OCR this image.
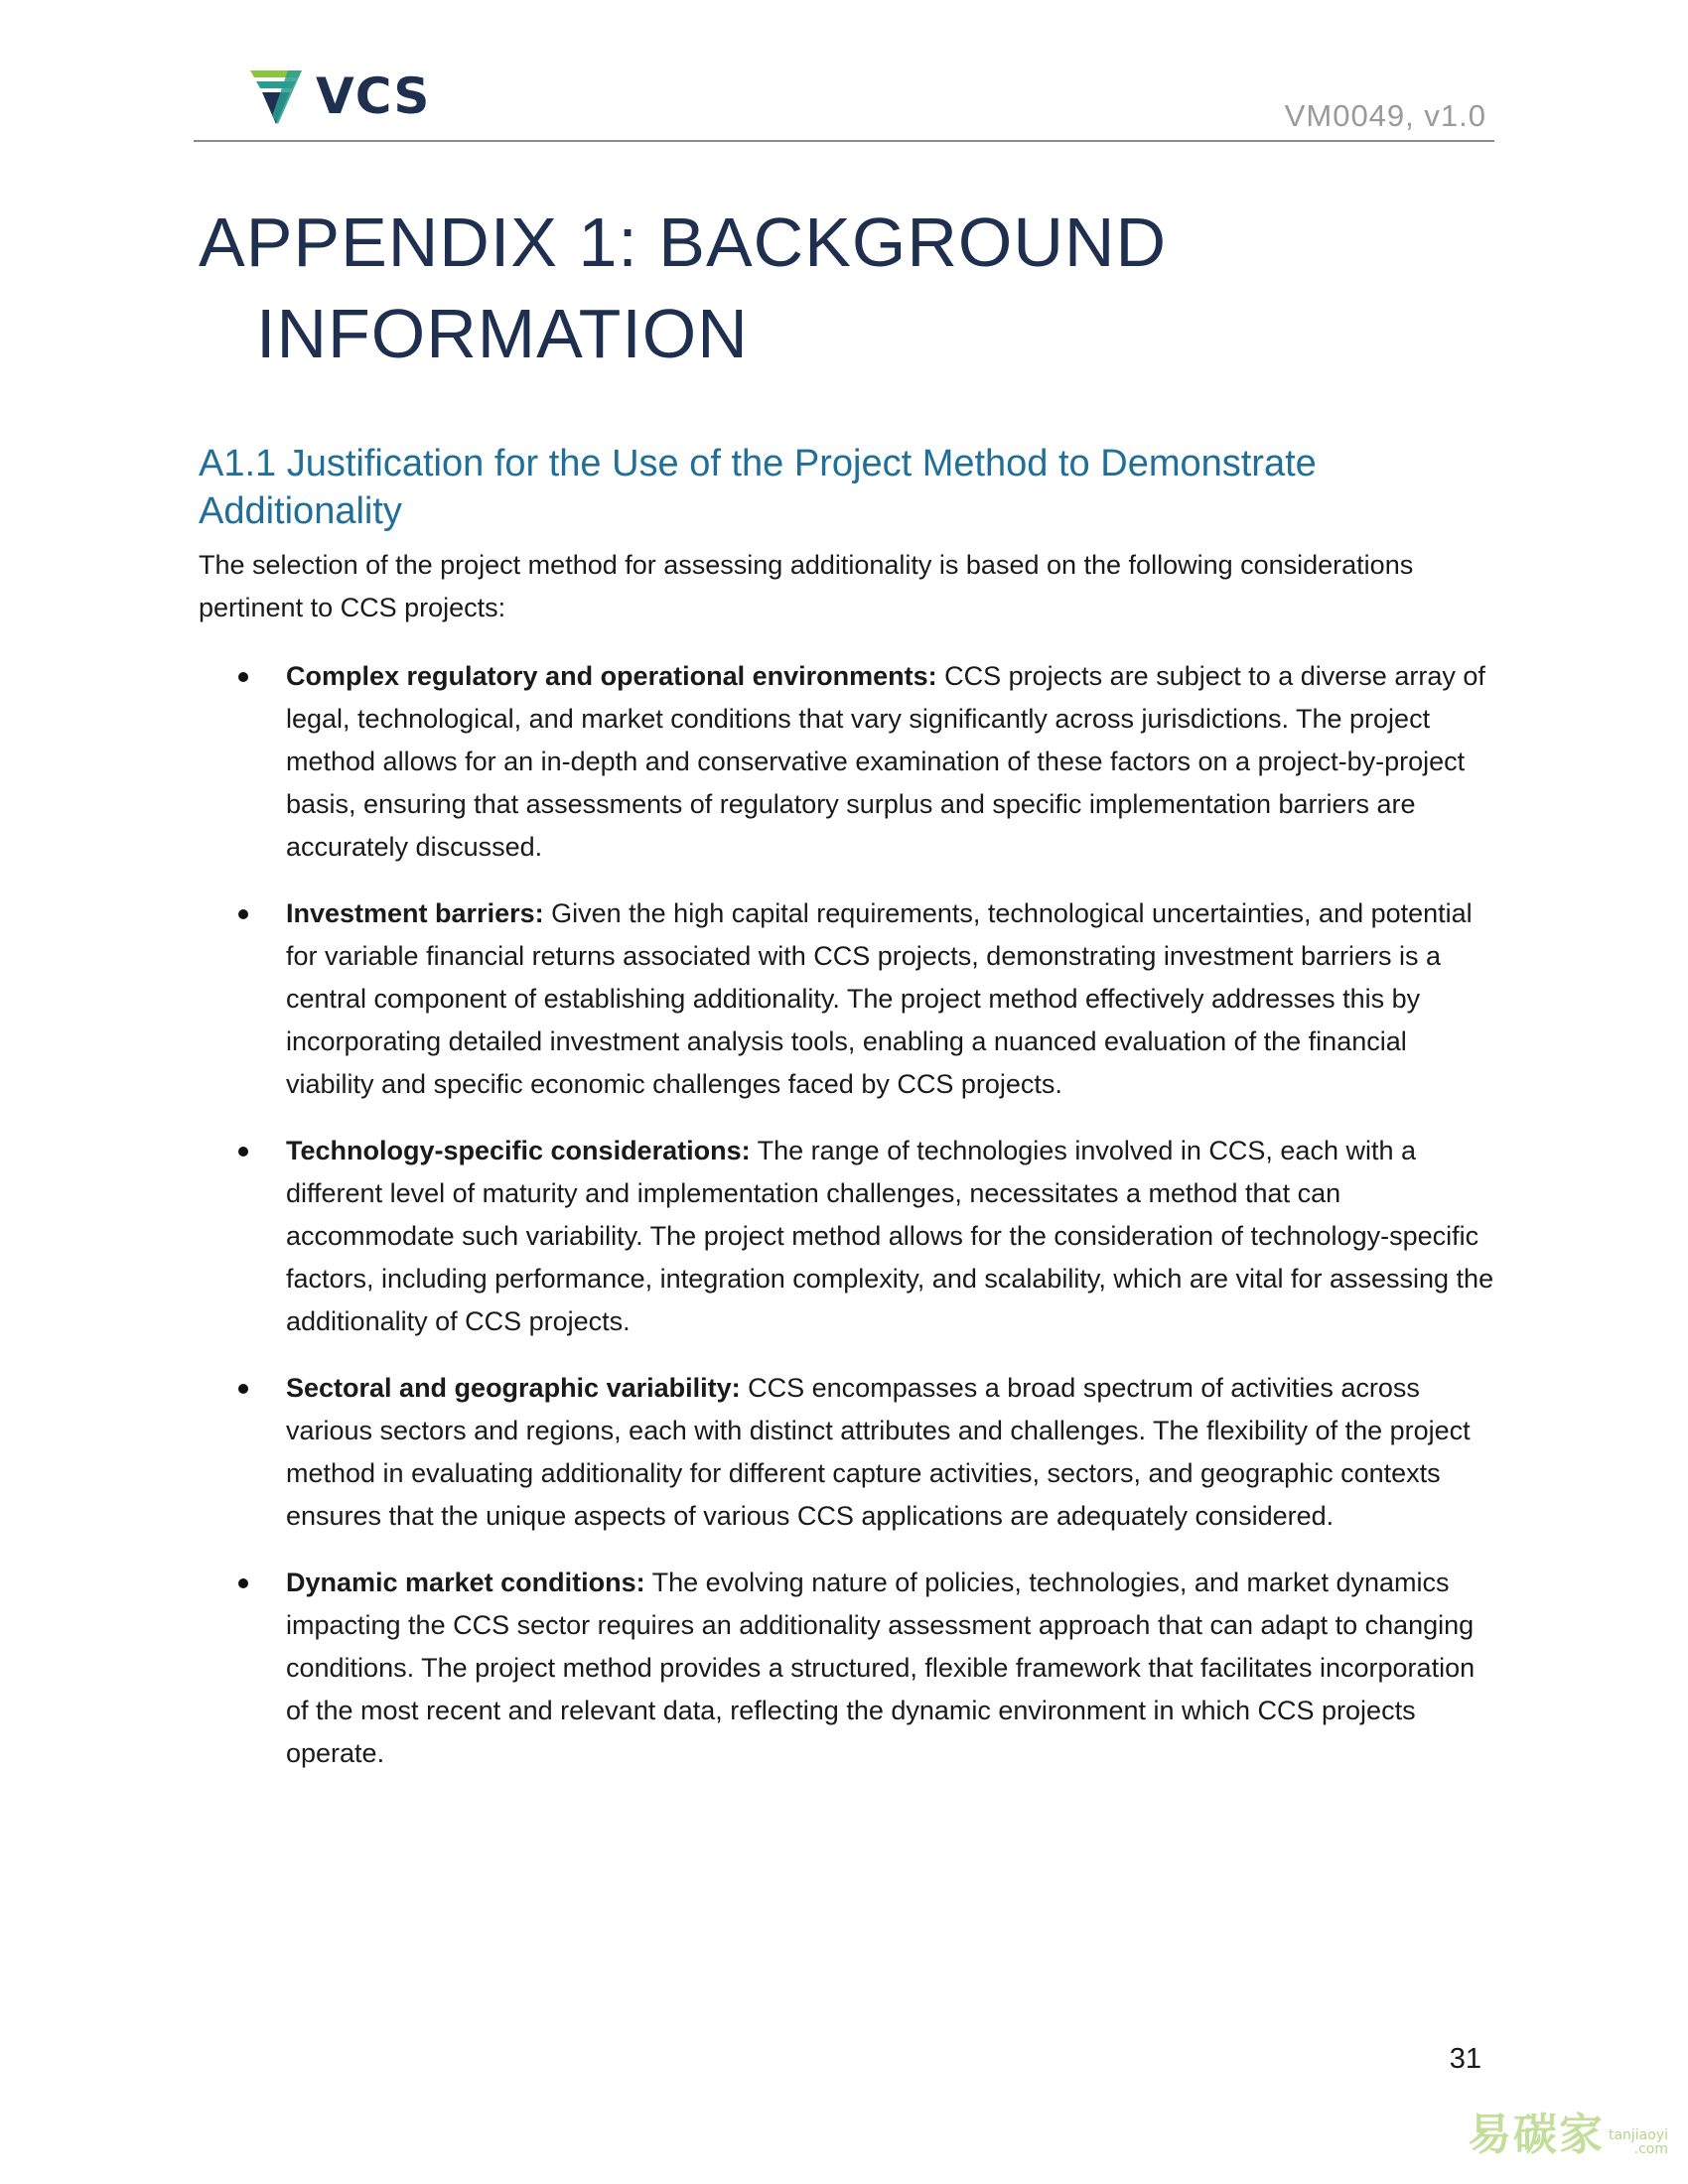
VCS	VM0049, v1.0
APPENDIX 1: BACKGROUND
INFORMATION
A1.1 Justification for the Use of the Project Method to Demonstrate Additionality

The selection of the project method for assessing additionality is based on the following considerations pertinent to CCS projects:

Complex regulatory and operational environments: CCS projects are subject to a diverse array of legal, technological, and market conditions that vary significantly across jurisdictions. The project method allows for an in-depth and conservative examination of these factors on a project-by-project basis, ensuring that assessments of regulatory surplus and specific implementation barriers are accurately discussed.
Investment barriers: Given the high capital requirements, technological uncertainties, and potential for variable financial returns associated with CCS projects, demonstrating investment barriers is a central component of establishing additionality. The project method effectively addresses this by incorporating detailed investment analysis tools, enabling a nuanced evaluation of the financial viability and specific economic challenges faced by CCS projects.
Technology-specific considerations: The range of technologies involved in CCS, each with a different level of maturity and implementation challenges, necessitates a method that can accommodate such variability. The project method allows for the consideration of technology-specific factors, including performance, integration complexity, and scalability, which are vital for assessing the additionality of CCS projects.
Sectoral and geographic variability: CCS encompasses a broad spectrum of activities across various sectors and regions, each with distinct attributes and challenges. The flexibility of the project method in evaluating additionality for different capture activities, sectors, and geographic contexts ensures that the unique aspects of various CCS applications are adequately considered.
Dynamic market conditions: The evolving nature of policies, technologies, and market dynamics impacting the CCS sector requires an additionality assessment approach that can adapt to changing conditions. The project method provides a structured, flexible framework that facilitates incorporation of the most recent and relevant data, reflecting the dynamic environment in which CCS projects operate.
31
易碳家 tanjiaoyi
.com
